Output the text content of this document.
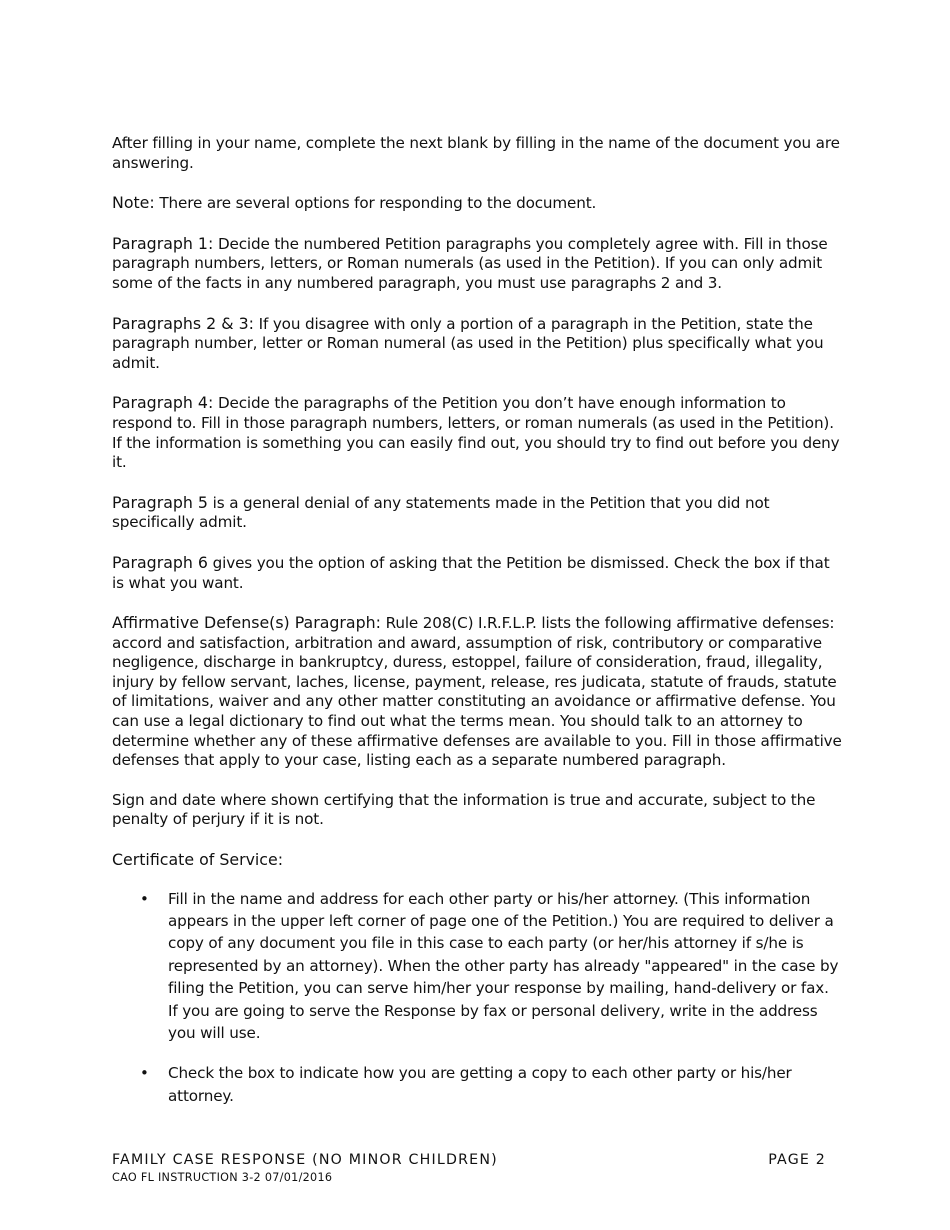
After filling in your name, complete the next blank by filling in the name of the document you are answering.

Note: There are several options for responding to the document.

Paragraph 1: Decide the numbered Petition paragraphs you completely agree with. Fill in those paragraph numbers, letters, or Roman numerals (as used in the Petition). If you can only admit some of the facts in any numbered paragraph, you must use paragraphs 2 and 3.

Paragraphs 2 & 3: If you disagree with only a portion of a paragraph in the Petition, state the paragraph number, letter or Roman numeral (as used in the Petition) plus specifically what you admit.

Paragraph 4: Decide the paragraphs of the Petition you don’t have enough information to respond to. Fill in those paragraph numbers, letters, or roman numerals (as used in the Petition). If the information is something you can easily find out, you should try to find out before you deny it.

Paragraph 5 is a general denial of any statements made in the Petition that you did not specifically admit.

Paragraph 6 gives you the option of asking that the Petition be dismissed. Check the box if that is what you want.

Affirmative Defense(s) Paragraph: Rule 208(C) I.R.F.L.P. lists the following affirmative defenses: accord and satisfaction, arbitration and award, assumption of risk, contributory or comparative negligence, discharge in bankruptcy, duress, estoppel, failure of consideration, fraud, illegality, injury by fellow servant, laches, license, payment, release, res judicata, statute of frauds, statute of limitations, waiver and any other matter constituting an avoidance or affirmative defense. You can use a legal dictionary to find out what the terms mean. You should talk to an attorney to determine whether any of these affirmative defenses are available to you. Fill in those affirmative defenses that apply to your case, listing each as a separate numbered paragraph.

Sign and date where shown certifying that the information is true and accurate, subject to the penalty of perjury if it is not.

Certificate of Service:

• Fill in the name and address for each other party or his/her attorney. (This information appears in the upper left corner of page one of the Petition.) You are required to deliver a copy of any document you file in this case to each party (or her/his attorney if s/he is represented by an attorney). When the other party has already "appeared" in the case by filing the Petition, you can serve him/her your response by mailing, hand-delivery or fax. If you are going to serve the Response by fax or personal delivery, write in the address you will use.
• Check the box to indicate how you are getting a copy to each other party or his/her attorney.
FAMILY CASE RESPONSE (NO MINOR CHILDREN)	PAGE 2
CAO FL INSTRUCTION 3-2 07/01/2016
